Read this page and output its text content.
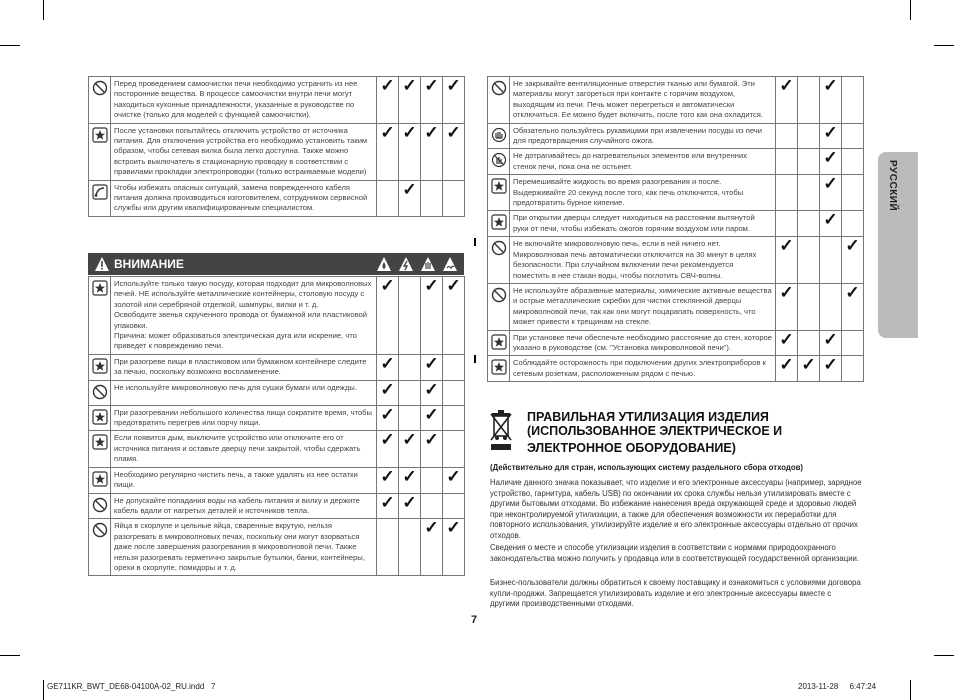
	Перед проведением самоочистки печи необходимо устранить из нее посторонние вещества. В процессе самоочистки внутри печи могут находиться кухонные принадлежности, указанные в руководстве по очистке (только для моделей с функцией самоочистки).	✓	✓	✓	✓

	После установки попытайтесь отключить устройство от источника питания. Для отключения устройства его необходимо установить таким образом, чтобы сетевая вилка была легко доступна. Также можно встроить выключатель в стационарную проводку в соответствии с правилами прокладки электропроводки (только встраиваемые модели)	✓	✓	✓	✓

	Чтобы избежать опасных ситуаций, замена поврежденного кабеля питания должна производиться изготовителем, сотрудником сервисной службы или другим квалифицированным специалистом.		✓		

ВНИМАНИЕ
	Используйте только такую посуду, которая подходит для микроволновых печей. НЕ используйте металлические контейнеры, столовую посуду с золотой или серебряной отделкой, шампуры, вилки и т. д.
Освободите звенья скрученного провода от бумажной или пластиковой упаковки.
Причина: может образоваться электрическая дуга или искрение, что приведет к повреждению печи.	✓		✓	✓

	При разогреве пищи в пластиковом или бумажном контейнере следите за печью, поскольку возможно воспламенение.	✓		✓	

	Не используйте микроволновую печь для сушки бумаги или одежды.	✓		✓	

	При разогревании небольшого количества пищи сократите время, чтобы предотвратить перегрев или порчу пищи.	✓		✓	

	Если появится дым, выключите устройство или отключите его от источника питания и оставьте дверцу печи закрытой, чтобы сдержать пламя.	✓	✓	✓	

	Необходимо регулярно чистить печь, а также удалять из нее остатки пищи.	✓	✓		✓

	Не допускайте попадания воды на кабель питания и вилку и держите кабель вдали от нагретых деталей и источников тепла.	✓	✓		

	Яйца в скорлупе и цельные яйца, сваренные вкрутую, нельзя разогревать в микроволновых печах, поскольку они могут взорваться даже после завершения разогревания в микроволновой печи. Также нельзя разогревать герметично закрытые бутылки, банки, контейнеры, орехи в скорлупе, помидоры и т. д.			✓	✓
	Не закрывайте вентиляционные отверстия тканью или бумагой. Эти материалы могут загореться при контакте с горячим воздухом, выходящим из печи. Печь может перегреться и автоматически отключиться. Ее можно будет включить, после того как она охладится.	✓		✓	

	Обязательно пользуйтесь рукавицами при извлечении посуды из печи для предотвращения случайного ожога.			✓	

	Не дотрагивайтесь до нагревательных элементов или внутренних стенок печи, пока она не остынет.			✓	

	Перемешивайте жидкость во время разогревания и после. Выдерживайте 20 секунд после того, как печь отключится, чтобы предотвратить бурное кипение.			✓	

	При открытии дверцы следует находиться на расстоянии вытянутой руки от печи, чтобы избежать ожогов горячим воздухом или паром.			✓	

	Не включайте микроволновую печь, если в ней ничего нет. Микроволновая печь автоматически отключится на 30 минут в целях безопасности. При случайном включении печи рекомендуется поместить в нее стакан воды, чтобы поглотить СВЧ-волны.	✓			✓

	Не используйте абразивные материалы, химические активные вещества и острые металлические скребки для чистки стеклянной дверцы микроволновой печи, так как они могут поцарапать поверхность, что может привести к трещинам на стекле.	✓			✓

	При установке печи обеспечьте необходимо расстояние до стен, которое указано в руководстве (см. "Установка микроволновой печи").	✓		✓	

	Соблюдайте осторожность при подключении других электроприборов к сетевым розеткам, расположенным рядом с печью.	✓	✓	✓	

РУССКИЙ
ПРАВИЛЬНАЯ УТИЛИЗАЦИЯ ИЗДЕЛИЯ
(ИСПОЛЬЗОВАННОЕ ЭЛЕКТРИЧЕСКОЕ И
ЭЛЕКТРОННОЕ ОБОРУДОВАНИЕ)
(Действительно для стран, использующих систему раздельного сбора отходов)
Наличие данного значка показывает, что изделие и его электронные аксессуары (например, зарядное устройство, гарнитура, кабель USB) по окончании их срока службы нельзя утилизировать вместе с другими бытовыми отходами. Во избежание нанесения вреда окружающей среде и здоровью людей при неконтролируемой утилизации, а также для обеспечения возможности их переработки для повторного использования, утилизируйте изделие и его электронные аксессуары отдельно от прочих отходов.
Сведения о месте и способе утилизации изделия в соответствии с нормами природоохранного законодательства можно получить у продавца или в соответствующей государственной организации.
Бизнес-пользователи должны обратиться к своему поставщику и ознакомиться с условиями договора купли-продажи. Запрещается утилизировать изделие и его электронные аксессуары вместе с другими производственными отходами.
7
GE711KR_BWT_DE68-04100A-02_RU.indd   7	2013-11-28     6:47:24
